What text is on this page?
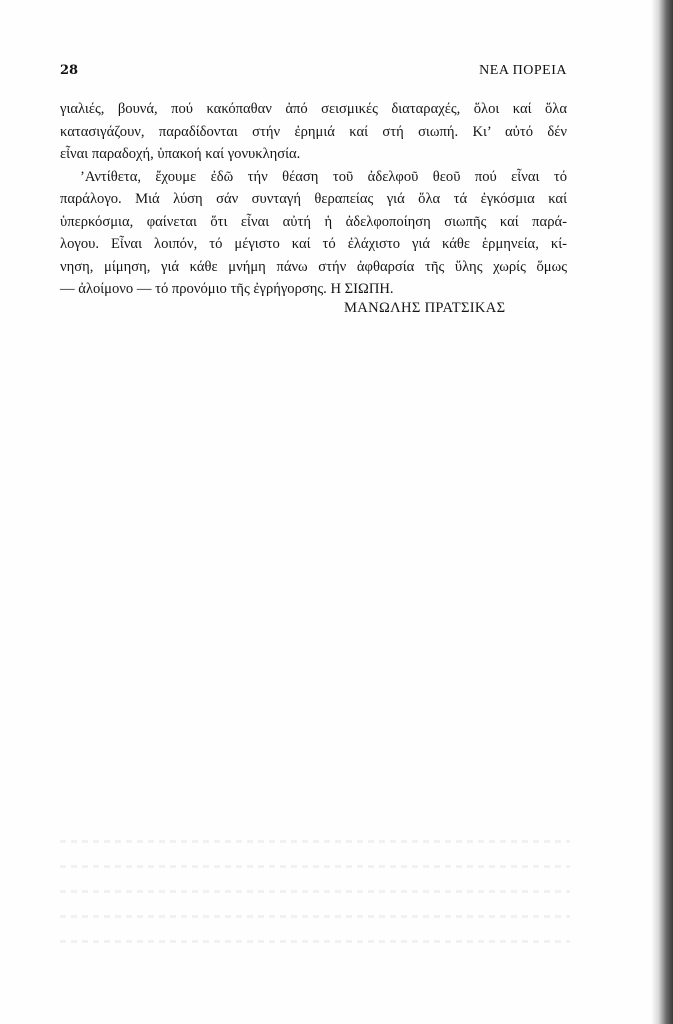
28	ΝΕΑ ΠΟΡΕΙΑ
γιαλιές, βουνά, πού κακόπαθαν ἀπό σεισμικές διαταραχές, ὅλοι καί ὅλα
κατασιγάζουν, παραδίδονται στήν ἐρημιά καί στή σιωπή. Κι’ αὐτό δέν
εἶναι παραδοχή, ὑπακοή καί γονυκλησία.
’Αντίθετα, ἔχουμε ἐδῶ τήν θέαση τοῦ ἀδελφοῦ θεοῦ πού εἶναι τό
παράλογο. Μιά λύση σάν συνταγή θεραπείας γιά ὅλα τά ἐγκόσμια καί
ὑπερκόσμια, φαίνεται ὅτι εἶναι αὐτή ἡ ἀδελφοποίηση σιωπῆς καί παρά-
λογου. Εἶναι λοιπόν, τό μέγιστο καί τό ἐλάχιστο γιά κάθε ἑρμηνεία, κί-
νηση, μίμηση, γιά κάθε μνήμη πάνω στήν ἀφθαρσία τῆς ὕλης χωρίς ὅμως
— ἀλοίμονο — τό προνόμιο τῆς ἐγρήγορσης. Η ΣΙΩΠΗ.
ΜΑΝΩΛΗΣ ΠΡΑΤΣΙΚΑΣ
